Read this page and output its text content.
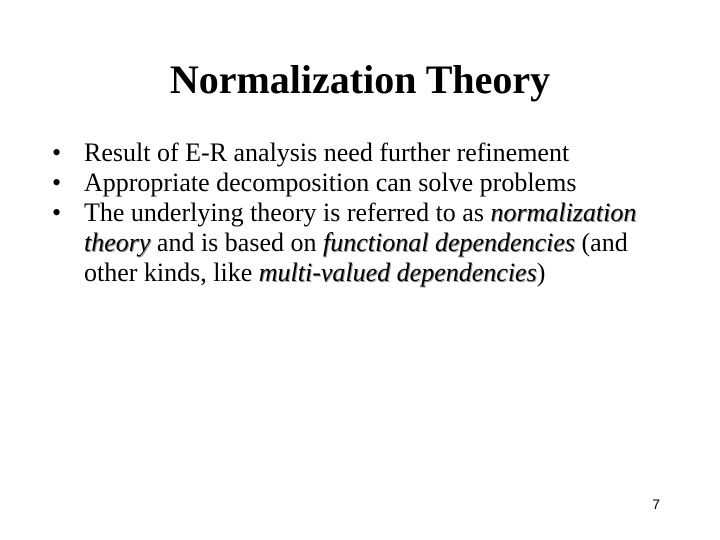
Normalization Theory
• Result of E-R analysis need further refinement
• Appropriate decomposition can solve problems
• The underlying theory is referred to as normalization theory and is based on functional dependencies (and other kinds, like multi-valued dependencies)
7
